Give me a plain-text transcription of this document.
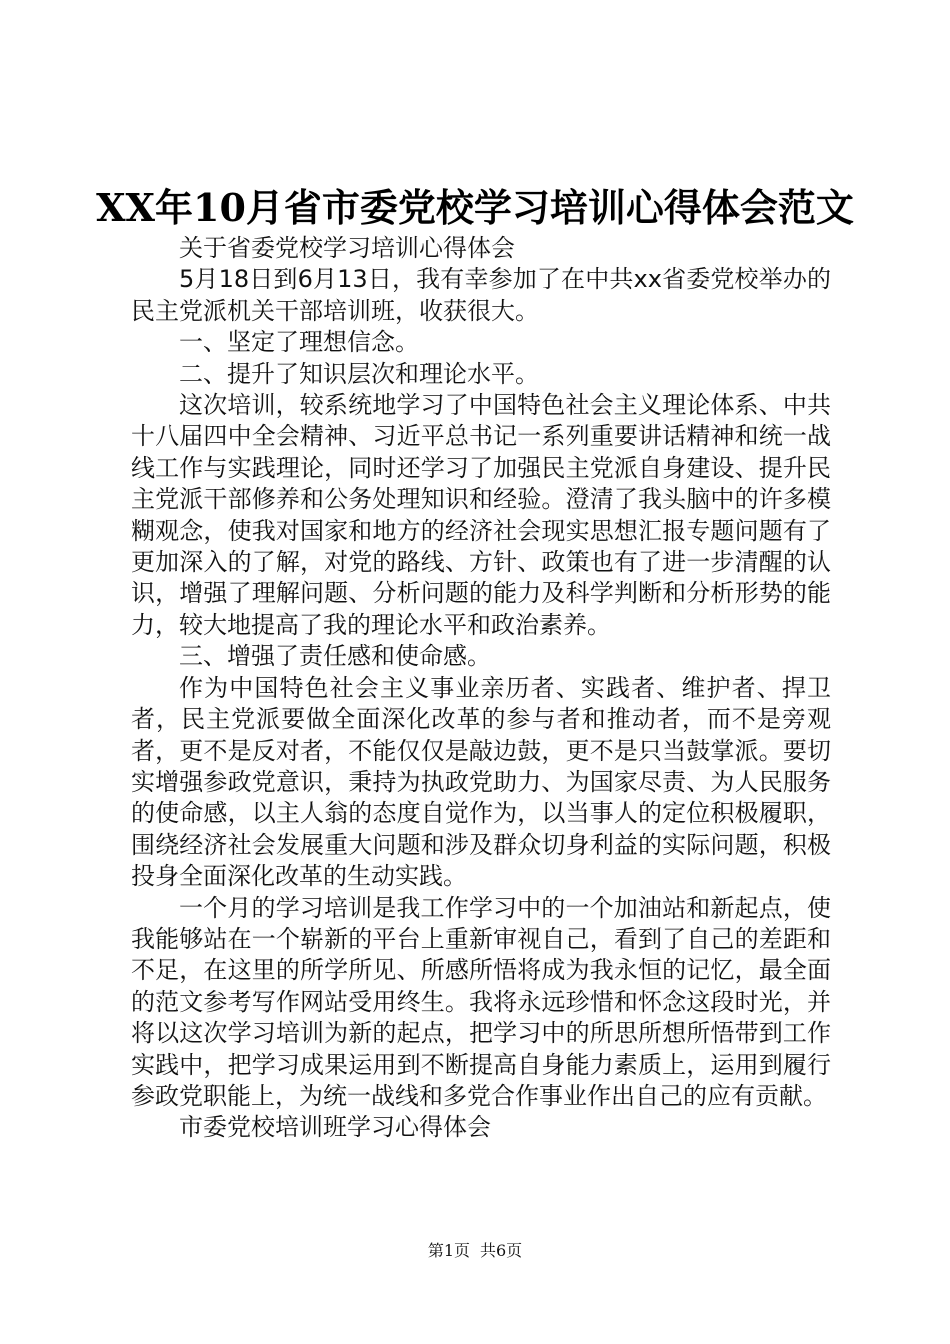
XX年10月省市委党校学习培训心得体会范文

关于省委党校学习培训心得体会

5月18日到6月13日，我有幸参加了在中共xx省委党校举办的民主党派机关干部培训班，收获很大。

一、坚定了理想信念。

二、提升了知识层次和理论水平。

这次培训，较系统地学习了中国特色社会主义理论体系、中共十八届四中全会精神、习近平总书记一系列重要讲话精神和统一战线工作与实践理论，同时还学习了加强民主党派自身建设、提升民主党派干部修养和公务处理知识和经验。澄清了我头脑中的许多模糊观念，使我对国家和地方的经济社会现实思想汇报专题问题有了更加深入的了解，对党的路线、方针、政策也有了进一步清醒的认识，增强了理解问题、分析问题的能力及科学判断和分析形势的能力，较大地提高了我的理论水平和政治素养。

三、增强了责任感和使命感。

作为中国特色社会主义事业亲历者、实践者、维护者、捍卫者，民主党派要做全面深化改革的参与者和推动者，而不是旁观者，更不是反对者，不能仅仅是敲边鼓，更不是只当鼓掌派。要切实增强参政党意识，秉持为执政党助力、为国家尽责、为人民服务的使命感，以主人翁的态度自觉作为，以当事人的定位积极履职，围绕经济社会发展重大问题和涉及群众切身利益的实际问题，积极投身全面深化改革的生动实践。

一个月的学习培训是我工作学习中的一个加油站和新起点，使我能够站在一个崭新的平台上重新审视自己，看到了自己的差距和不足，在这里的所学所见、所感所悟将成为我永恒的记忆，最全面的范文参考写作网站受用终生。我将永远珍惜和怀念这段时光，并将以这次学习培训为新的起点，把学习中的所思所想所悟带到工作实践中，把学习成果运用到不断提高自身能力素质上，运用到履行参政党职能上，为统一战线和多党合作事业作出自己的应有贡献。

市委党校培训班学习心得体会

第1页 共6页
